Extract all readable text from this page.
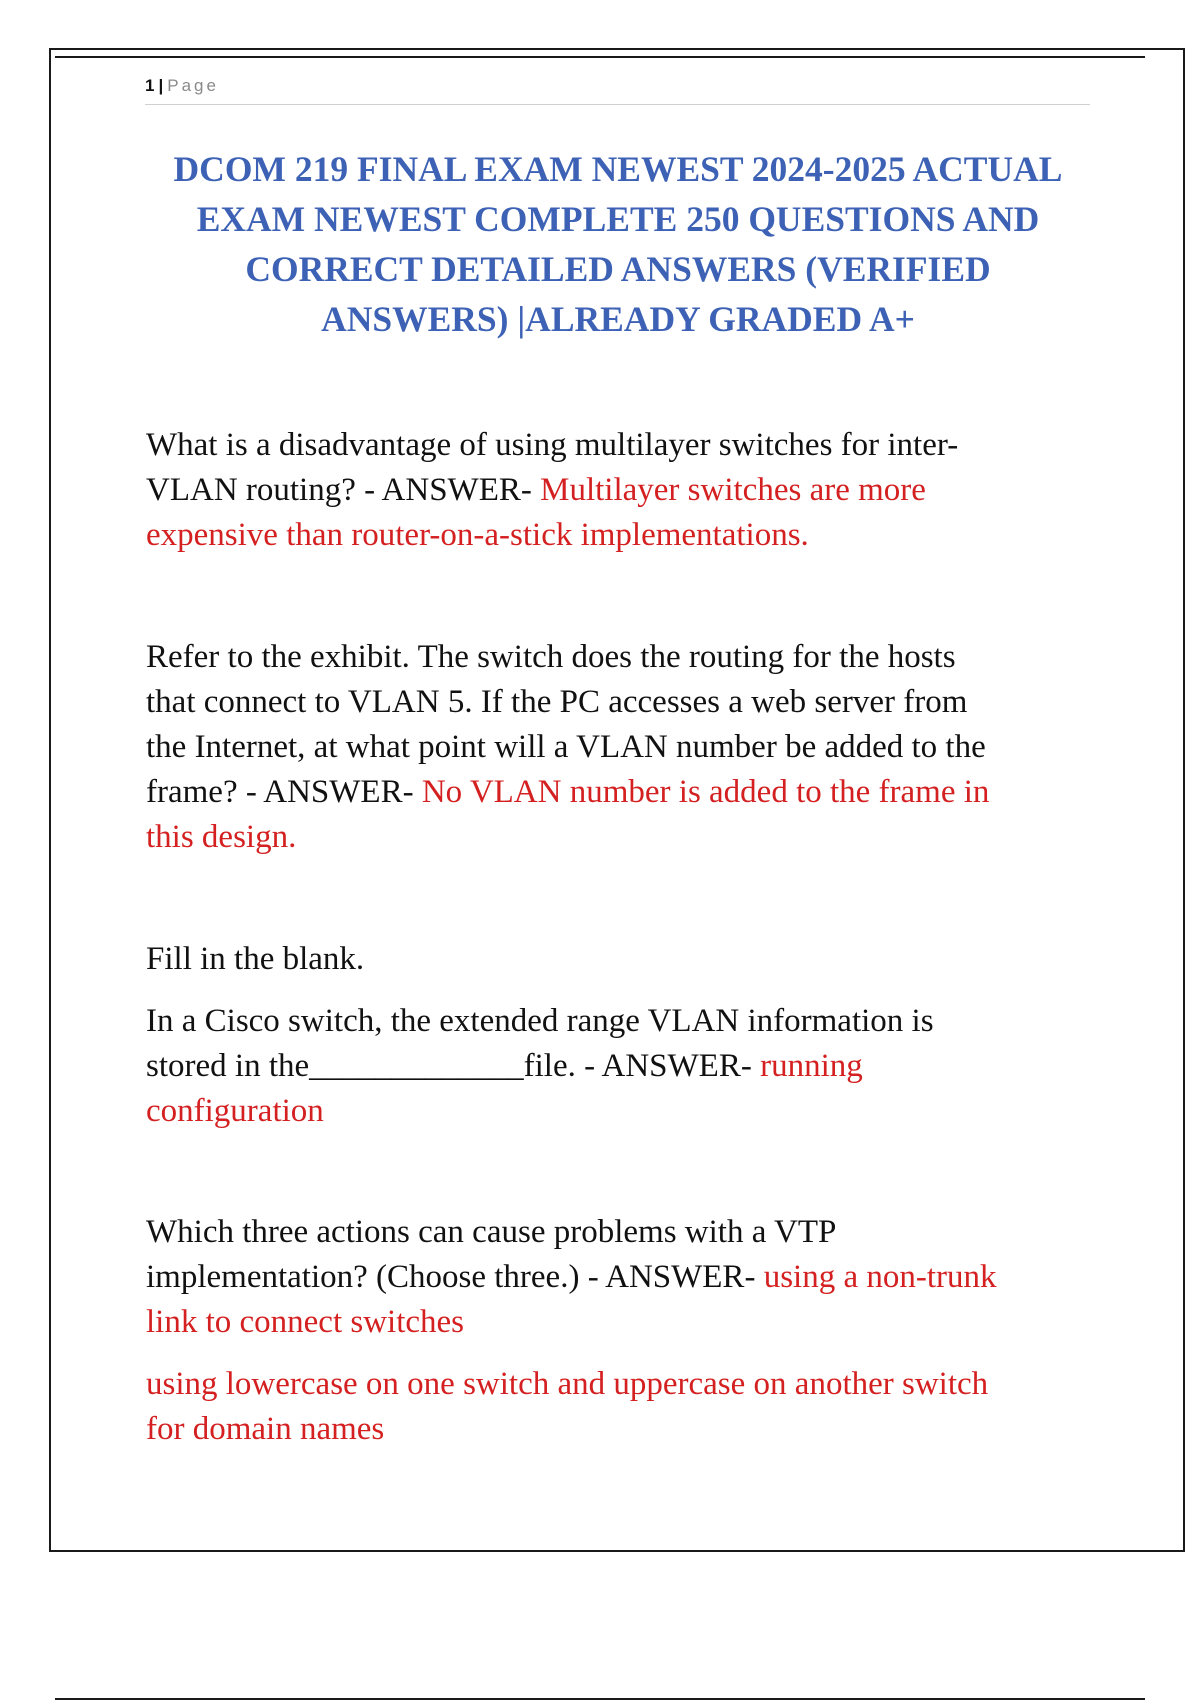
1 | Page
DCOM 219 FINAL EXAM NEWEST 2024-2025 ACTUAL
EXAM NEWEST COMPLETE 250 QUESTIONS AND
CORRECT DETAILED ANSWERS (VERIFIED
ANSWERS) |ALREADY GRADED A+
What is a disadvantage of using multilayer switches for inter-
VLAN routing? - ANSWER- Multilayer switches are more
expensive than router-on-a-stick implementations.
Refer to the exhibit. The switch does the routing for the hosts
that connect to VLAN 5. If the PC accesses a web server from
the Internet, at what point will a VLAN number be added to the
frame? - ANSWER- No VLAN number is added to the frame in
this design.
Fill in the blank.
In a Cisco switch, the extended range VLAN information is
stored in the_____________file. - ANSWER- running
configuration
Which three actions can cause problems with a VTP
implementation? (Choose three.) - ANSWER- using a non-trunk
link to connect switches
using lowercase on one switch and uppercase on another switch
for domain names
